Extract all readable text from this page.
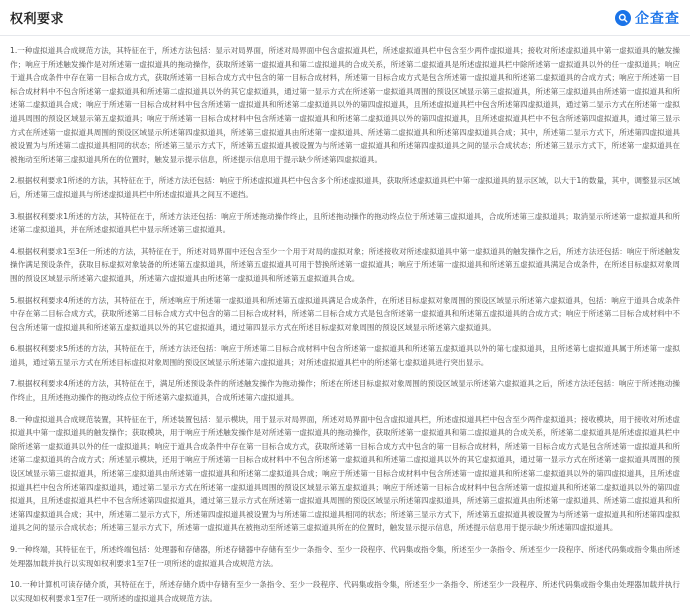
权利要求	企查查

1.一种虚拟道具合成规范方法，其特征在于，所述方法包括：显示对局界面，所述对局界面中包含虚拟道具栏，所述虚拟道具栏中包含至少两件虚拟道具；接收对所述虚拟道具中第一虚拟道具的触发操作；响应于所述触发操作是对所述第一虚拟道具的拖动操作，获取所述第一虚拟道具和第二虚拟道具的合成关系，所述第二虚拟道具是所述虚拟道具栏中除所述第一虚拟道具以外的任一虚拟道具；响应于道具合成条件中存在第一目标合成方式，获取所述第一目标合成方式中包含的第一目标合成材料，所述第一目标合成方式是包含所述第一虚拟道具和所述第二虚拟道具的合成方式；响应于所述第一目标合成材料中不包含所述第一虚拟道具和所述第二虚拟道具以外的其它虚拟道具，通过第一显示方式在所述第一虚拟道具周围的预设区域显示第三虚拟道具，所述第三虚拟道具由所述第一虚拟道具和所述第二虚拟道具合成；响应于所述第一目标合成材料中包含所述第一虚拟道具和所述第二虚拟道具以外的第四虚拟道具，且所述虚拟道具栏中包含所述第四虚拟道具，通过第二显示方式在所述第一虚拟道具周围的预设区域显示第五虚拟道具；响应于所述第一目标合成材料中包含所述第一虚拟道具和所述第二虚拟道具以外的第四虚拟道具，且所述虚拟道具栏中不包含所述第四虚拟道具，通过第三显示方式在所述第一虚拟道具周围的预设区域显示所述第四虚拟道具，所述第三虚拟道具由所述第一虚拟道具、所述第二虚拟道具和所述第四虚拟道具合成；其中，所述第二显示方式下，所述第四虚拟道具被设置为与所述第二虚拟道具相同的状态；所述第三显示方式下，所述第五虚拟道具被设置为与所述第一虚拟道具和所述第四虚拟道具之间的显示合成状态；所述第三显示方式下，所述第一虚拟道具在被拖动至所述第三虚拟道具所在的位置时，触发显示提示信息，所述提示信息用于提示缺少所述第四虚拟道具。

2.根据权利要求1所述的方法，其特征在于，所述方法还包括：响应于所述虚拟道具栏中包含多个所述虚拟道具，获取所述虚拟道具栏中第一虚拟道具的显示区域，以大于1的数量，其中，调整显示区域后，所述第三虚拟道具与所述虚拟道具栏中所述虚拟道具之间互不遮挡。

3.根据权利要求1所述的方法，其特征在于，所述方法还包括：响应于所述拖动操作终止，且所述拖动操作的拖动终点位于所述第三虚拟道具，合成所述第三虚拟道具；取消显示所述第一虚拟道具和所述第二虚拟道具，并在所述虚拟道具栏中显示所述第三虚拟道具。

4.根据权利要求1至3任一所述的方法，其特征在于，所述对局界面中还包含至少一个用于对局的虚拟对象；所述接收对所述虚拟道具中第一虚拟道具的触发操作之后，所述方法还包括：响应于所述触发操作满足预设条件，获取目标虚拟对象装备的所述第五虚拟道具，所述第五虚拟道具可用于替换所述第一虚拟道具；响应于所述第一虚拟道具和所述第五虚拟道具满足合成条件，在所述目标虚拟对象周围的预设区域显示所述第六虚拟道具，所述第六虚拟道具由所述第一虚拟道具和所述第五虚拟道具合成。

5.根据权利要求4所述的方法，其特征在于，所述响应于所述第一虚拟道具和所述第五虚拟道具满足合成条件，在所述目标虚拟对象周围的预设区域显示所述第六虚拟道具，包括：响应于道具合成条件中存在第二目标合成方式，获取所述第二目标合成方式中包含的第二目标合成材料，所述第二目标合成方式是包含所述第一虚拟道具和所述第五虚拟道具的合成方式；响应于所述第二目标合成材料中不包含所述第一虚拟道具和所述第五虚拟道具以外的其它虚拟道具，通过第四显示方式在所述目标虚拟对象周围的预设区域显示所述第六虚拟道具。

6.根据权利要求5所述的方法，其特征在于，所述方法还包括：响应于所述第二目标合成材料中包含所述第一虚拟道具和所述第五虚拟道具以外的第七虚拟道具，且所述第七虚拟道具属于所述第一虚拟道具，通过第五显示方式在所述目标虚拟对象周围的预设区域显示所述第六虚拟道具；对所述虚拟道具栏中的所述第七虚拟道具进行突出显示。

7.根据权利要求4所述的方法，其特征在于，满足所述预设条件的所述触发操作为拖动操作；所述在所述目标虚拟对象周围的预设区域显示所述第六虚拟道具之后，所述方法还包括：响应于所述拖动操作终止，且所述拖动操作的拖动终点位于所述第六虚拟道具，合成所述第六虚拟道具。

8.一种虚拟道具合成规范装置，其特征在于，所述装置包括：显示模块，用于显示对局界面，所述对局界面中包含虚拟道具栏，所述虚拟道具栏中包含至少两件虚拟道具；接收模块，用于接收对所述虚拟道具中第一虚拟道具的触发操作；获取模块，用于响应于所述触发操作是对所述第一虚拟道具的拖动操作，获取所述第一虚拟道具和第二虚拟道具的合成关系，所述第二虚拟道具是所述虚拟道具栏中除所述第一虚拟道具以外的任一虚拟道具；响应于道具合成条件中存在第一目标合成方式，获取所述第一目标合成方式中包含的第一目标合成材料，所述第一目标合成方式是包含所述第一虚拟道具和所述第二虚拟道具的合成方式；所述显示模块，还用于响应于所述第一目标合成材料中不包含所述第一虚拟道具和所述第二虚拟道具以外的其它虚拟道具，通过第一显示方式在所述第一虚拟道具周围的预设区域显示第三虚拟道具，所述第三虚拟道具由所述第一虚拟道具和所述第二虚拟道具合成；响应于所述第一目标合成材料中包含所述第一虚拟道具和所述第二虚拟道具以外的第四虚拟道具，且所述虚拟道具栏中包含所述第四虚拟道具，通过第二显示方式在所述第一虚拟道具周围的预设区域显示第五虚拟道具；响应于所述第一目标合成材料中包含所述第一虚拟道具和所述第二虚拟道具以外的第四虚拟道具，且所述虚拟道具栏中不包含所述第四虚拟道具，通过第三显示方式在所述第一虚拟道具周围的预设区域显示所述第四虚拟道具，所述第三虚拟道具由所述第一虚拟道具、所述第二虚拟道具和所述第四虚拟道具合成；其中，所述第二显示方式下，所述第四虚拟道具被设置为与所述第二虚拟道具相同的状态；所述第三显示方式下，所述第五虚拟道具被设置为与所述第一虚拟道具和所述第四虚拟道具之间的显示合成状态；所述第三显示方式下，所述第一虚拟道具在被拖动至所述第三虚拟道具所在的位置时，触发显示提示信息，所述提示信息用于提示缺少所述第四虚拟道具。

9.一种终端，其特征在于，所述终端包括：处理器和存储器，所述存储器中存储有至少一条指令、至少一段程序、代码集或指令集，所述至少一条指令、所述至少一段程序、所述代码集或指令集由所述处理器加载并执行以实现如权利要求1至7任一项所述的虚拟道具合成规范方法。

10.一种计算机可读存储介质，其特征在于，所述存储介质中存储有至少一条指令、至少一段程序、代码集或指令集，所述至少一条指令、所述至少一段程序、所述代码集或指令集由处理器加载并执行以实现如权利要求1至7任一项所述的虚拟道具合成规范方法。
